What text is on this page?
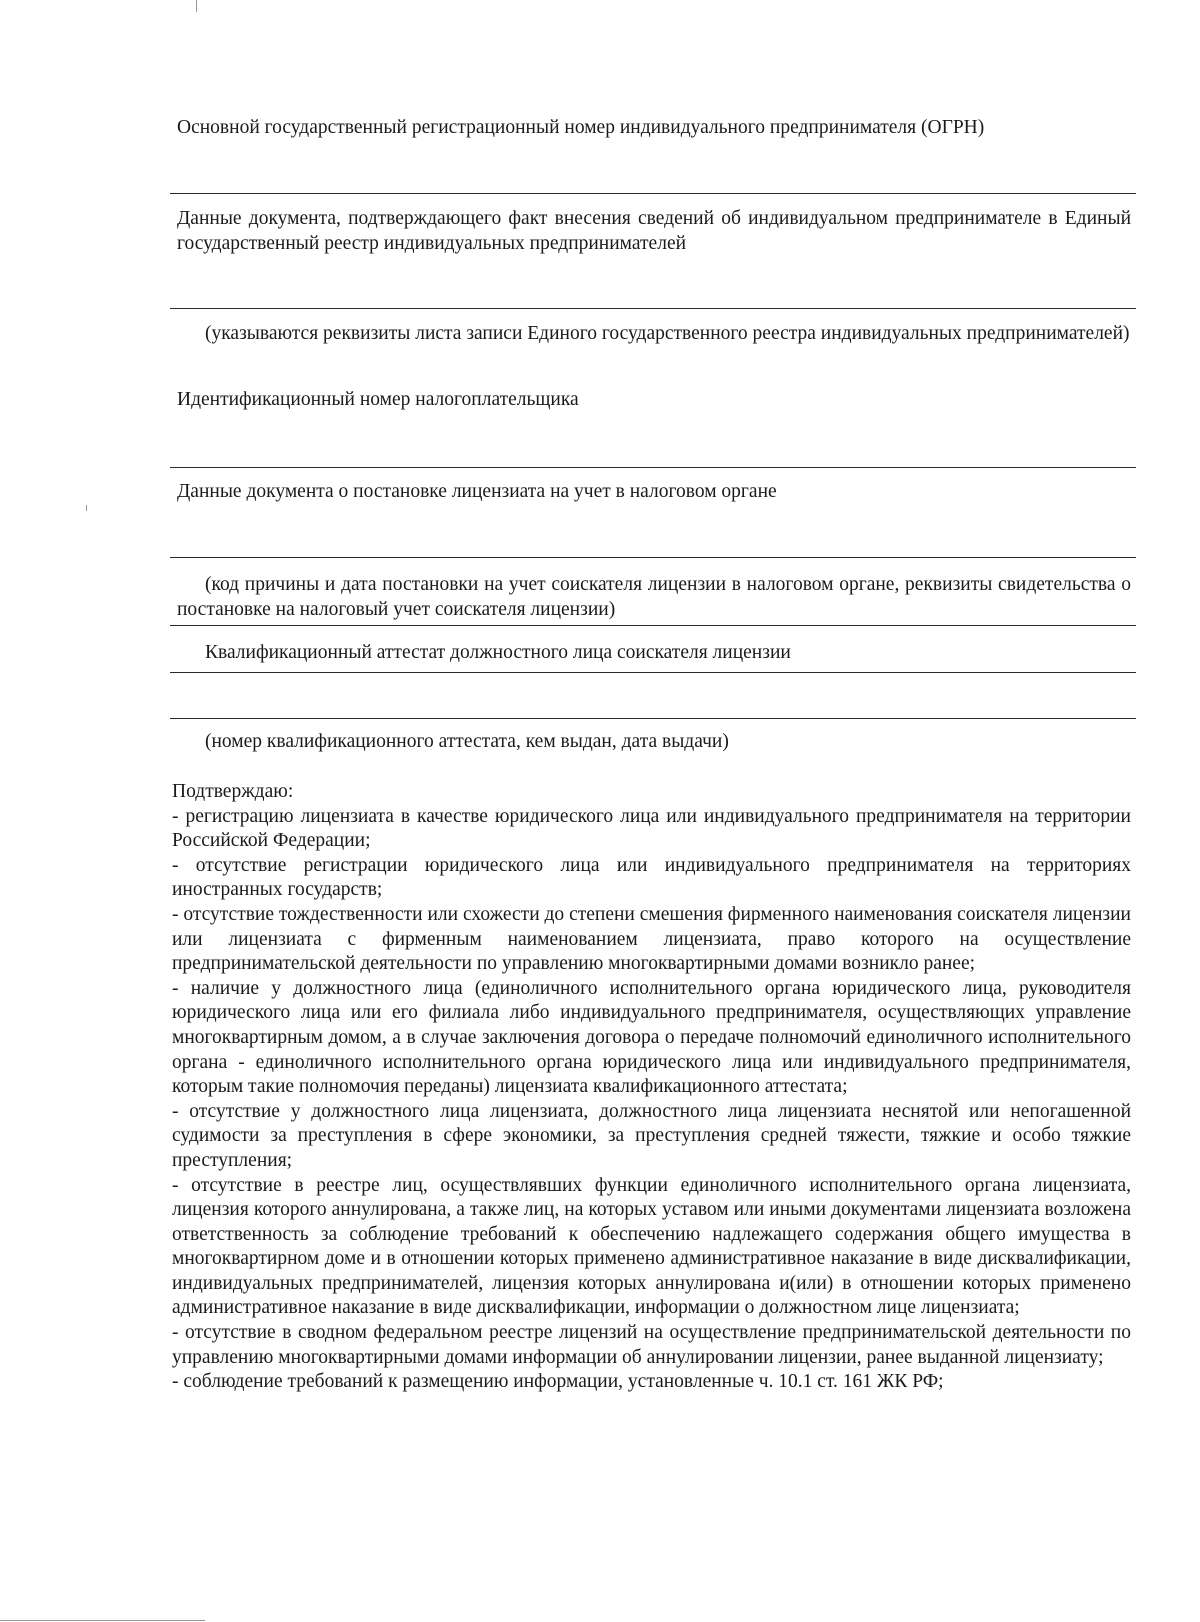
Основной государственный регистрационный номер индивидуального предпринимателя (ОГРН)

Данные документа, подтверждающего факт внесения сведений об индивидуальном предпринимателе в Единый государственный реестр индивидуальных предпринимателей

(указываются реквизиты листа записи Единого государственного реестра индивидуальных предпринимателей)

Идентификационный номер налогоплательщика

Данные документа о постановке лицензиата на учет в налоговом органе

(код причины и дата постановки на учет соискателя лицензии в налоговом органе, реквизиты свидетельства о постановке на налоговый учет соискателя лицензии)

Квалификационный аттестат должностного лица соискателя лицензии

(номер квалификационного аттестата, кем выдан, дата выдачи)

Подтверждаю:

- регистрацию лицензиата в качестве юридического лица или индивидуального предпринимателя на территории Российской Федерации;

- отсутствие регистрации юридического лица или индивидуального предпринимателя на территориях иностранных государств;

- отсутствие тождественности или схожести до степени смешения фирменного наименования соискателя лицензии или лицензиата с фирменным наименованием лицензиата, право которого на осуществление предпринимательской деятельности по управлению многоквартирными домами возникло ранее;

- наличие у должностного лица (единоличного исполнительного органа юридического лица, руководителя юридического лица или его филиала либо индивидуального предпринимателя, осуществляющих управление многоквартирным домом, а в случае заключения договора о передаче полномочий единоличного исполнительного органа - единоличного исполнительного органа юридического лица или индивидуального предпринимателя, которым такие полномочия переданы) лицензиата квалификационного аттестата;

- отсутствие у должностного лица лицензиата, должностного лица лицензиата неснятой или непогашенной судимости за преступления в сфере экономики, за преступления средней тяжести, тяжкие и особо тяжкие преступления;

- отсутствие в реестре лиц, осуществлявших функции единоличного исполнительного органа лицензиата, лицензия которого аннулирована, а также лиц, на которых уставом или иными документами лицензиата возложена ответственность за соблюдение требований к обеспечению надлежащего содержания общего имущества в многоквартирном доме и в отношении которых применено административное наказание в виде дисквалификации, индивидуальных предпринимателей, лицензия которых аннулирована и(или) в отношении которых применено административное наказание в виде дисквалификации, информации о должностном лице лицензиата;

- отсутствие в сводном федеральном реестре лицензий на осуществление предпринимательской деятельности по управлению многоквартирными домами информации об аннулировании лицензии, ранее выданной лицензиату;

- соблюдение требований к размещению информации, установленные ч. 10.1 ст. 161 ЖК РФ;
